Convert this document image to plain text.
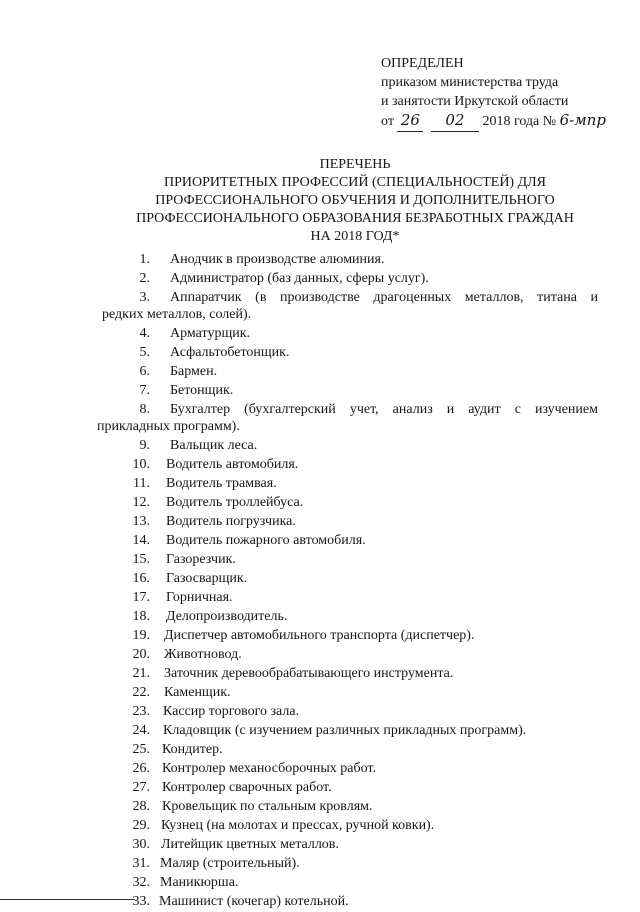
ОПРЕДЕЛЕН
приказом министерства труда
и занятости Иркутской области
от 26 02 2018 года № 6-мпр
ПЕРЕЧЕНЬ
ПРИОРИТЕТНЫХ ПРОФЕССИЙ (СПЕЦИАЛЬНОСТЕЙ) ДЛЯ
ПРОФЕССИОНАЛЬНОГО ОБУЧЕНИЯ И ДОПОЛНИТЕЛЬНОГО
ПРОФЕССИОНАЛЬНОГО ОБРАЗОВАНИЯ БЕЗРАБОТНЫХ ГРАЖДАН
НА 2018 ГОД*
1. Анодчик в производстве алюминия.
2. Администратор (баз данных, сферы услуг).
3. Аппаратчик (в производстве драгоценных металлов, титана и
редких металлов, солей).
4. Арматурщик.
5. Асфальтобетонщик.
6. Бармен.
7. Бетонщик.
8. Бухгалтер (бухгалтерский учет, анализ и аудит с изучением
прикладных программ).
9. Вальщик леса.
10. Водитель автомобиля.
11. Водитель трамвая.
12. Водитель троллейбуса.
13. Водитель погрузчика.
14. Водитель пожарного автомобиля.
15. Газорезчик.
16. Газосварщик.
17. Горничная.
18. Делопроизводитель.
19. Диспетчер автомобильного транспорта (диспетчер).
20. Животновод.
21. Заточник деревообрабатывающего инструмента.
22. Каменщик.
23. Кассир торгового зала.
24. Кладовщик (с изучением различных прикладных программ).
25. Кондитер.
26. Контролер механосборочных работ.
27. Контролер сварочных работ.
28. Кровельщик по стальным кровлям.
29. Кузнец (на молотах и прессах, ручной ковки).
30. Литейщик цветных металлов.
31. Маляр (строительный).
32. Маникюрша.
33. Машинист (кочегар) котельной.
